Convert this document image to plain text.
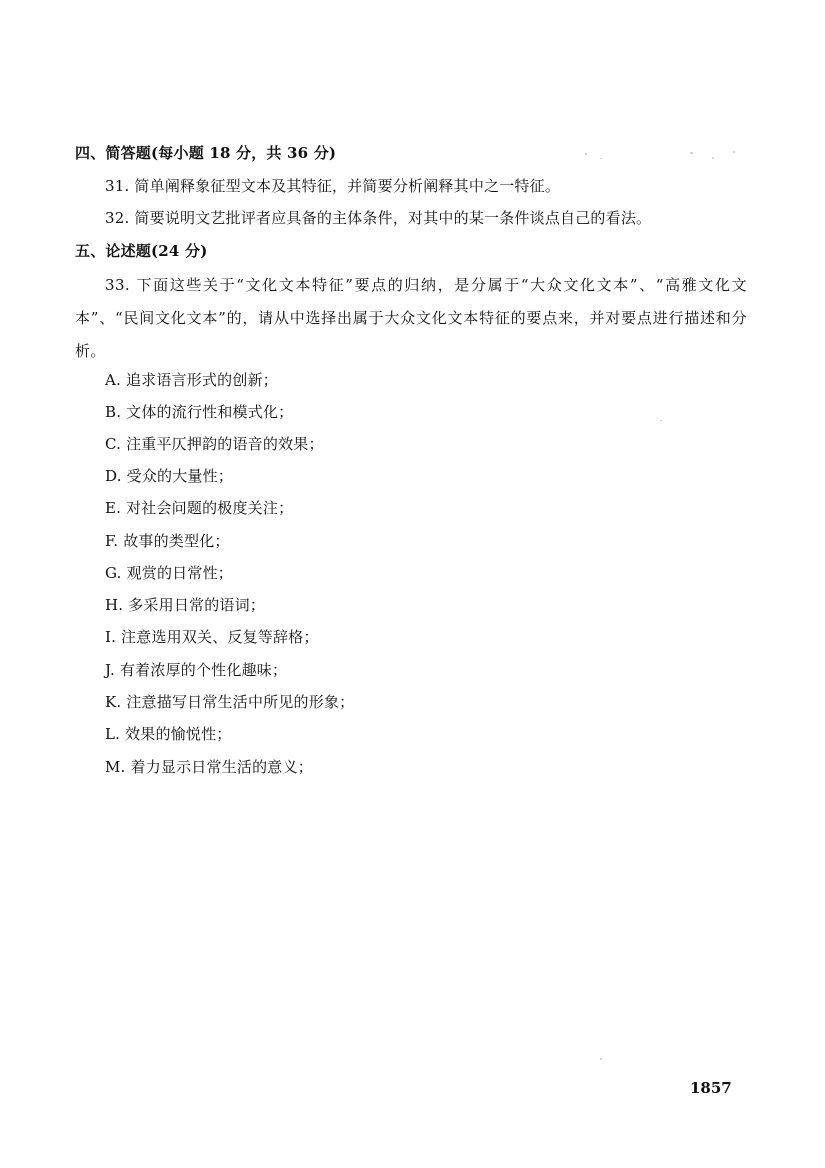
四、简答题(每小题 18 分，共 36 分)
31. 简单阐释象征型文本及其特征，并简要分析阐释其中之一特征。
32. 简要说明文艺批评者应具备的主体条件，对其中的某一条件谈点自己的看法。
五、论述题(24 分)
33. 下面这些关于“文化文本特征”要点的归纳，是分属于“大众文化文本”、“高雅文化文本”、“民间文化文本”的，请从中选择出属于大众文化文本特征的要点来，并对要点进行描述和分析。
A. 追求语言形式的创新；
B. 文体的流行性和模式化；
C. 注重平仄押韵的语音的效果；
D. 受众的大量性；
E. 对社会问题的极度关注；
F. 故事的类型化；
G. 观赏的日常性；
H. 多采用日常的语词；
I. 注意选用双关、反复等辞格；
J. 有着浓厚的个性化趣味；
K. 注意描写日常生活中所见的形象；
L. 效果的愉悦性；
M. 着力显示日常生活的意义；
1857
